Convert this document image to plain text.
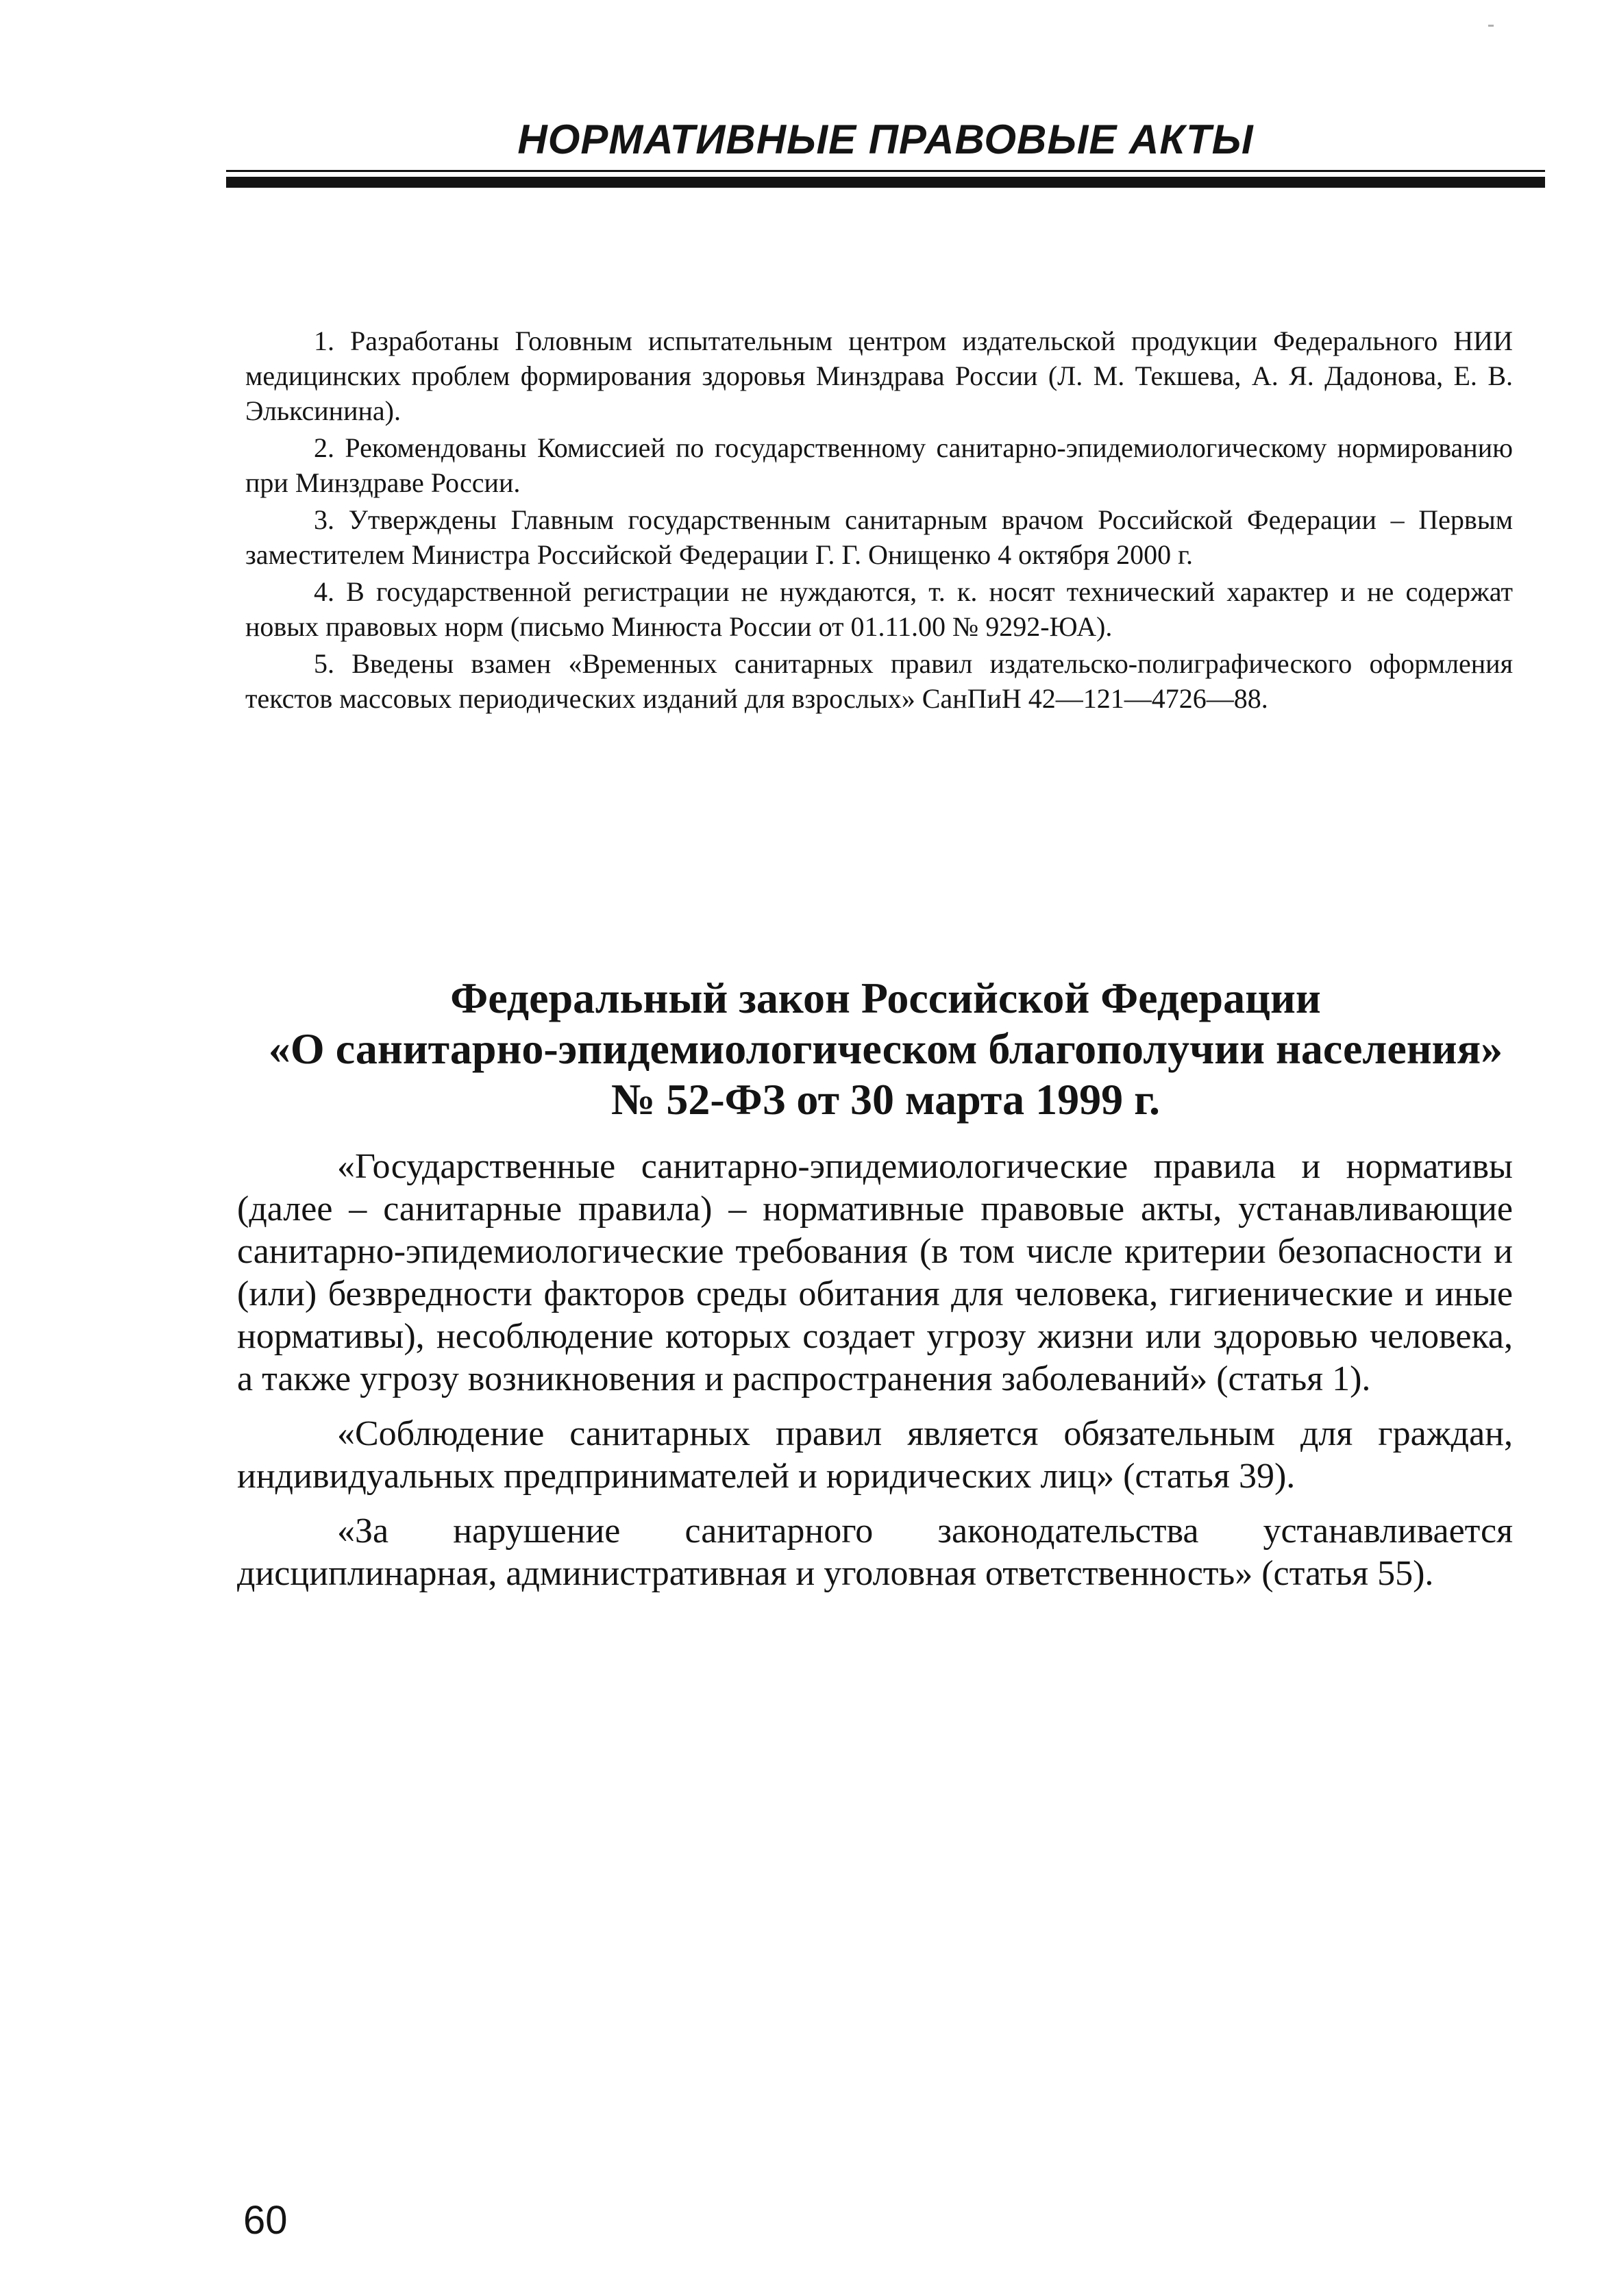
НОРМАТИВНЫЕ ПРАВОВЫЕ АКТЫ

1. Разработаны Головным испытательным центром издательской продукции Федерального НИИ медицинских проблем формирования здоровья Минздрава России (Л. М. Текшева, А. Я. Дадонова, Е. В. Эльксинина).

2. Рекомендованы Комиссией по государственному санитарно-эпидемиологическому нормированию при Минздраве России.

3. Утверждены Главным государственным санитарным врачом Российской Федерации – Первым заместителем Министра Российской Федерации Г. Г. Онищенко 4 октября 2000 г.

4. В государственной регистрации не нуждаются, т. к. носят технический характер и не содержат новых правовых норм (письмо Минюста России от 01.11.00 № 9292-ЮА).

5. Введены взамен «Временных санитарных правил издательско-полиграфического оформления текстов массовых периодических изданий для взрослых» СанПиН 42—121—4726—88.

Федеральный закон Российской Федерации
«О санитарно-эпидемиологическом благополучии населения»
№ 52-ФЗ от 30 марта 1999 г.

«Государственные санитарно-эпидемиологические правила и нормативы (далее – санитарные правила) – нормативные правовые акты, устанавливающие санитарно-эпидемиологические требования (в том числе критерии безопасности и (или) безвредности факторов среды обитания для человека, гигиенические и иные нормативы), несоблюдение которых создает угрозу жизни или здоровью человека, а также угрозу возникновения и распространения заболеваний» (статья 1).

«Соблюдение санитарных правил является обязательным для граждан, индивидуальных предпринимателей и юридических лиц» (статья 39).

«За нарушение санитарного законодательства устанавливается дисциплинарная, административная и уголовная ответственность» (статья 55).

60
